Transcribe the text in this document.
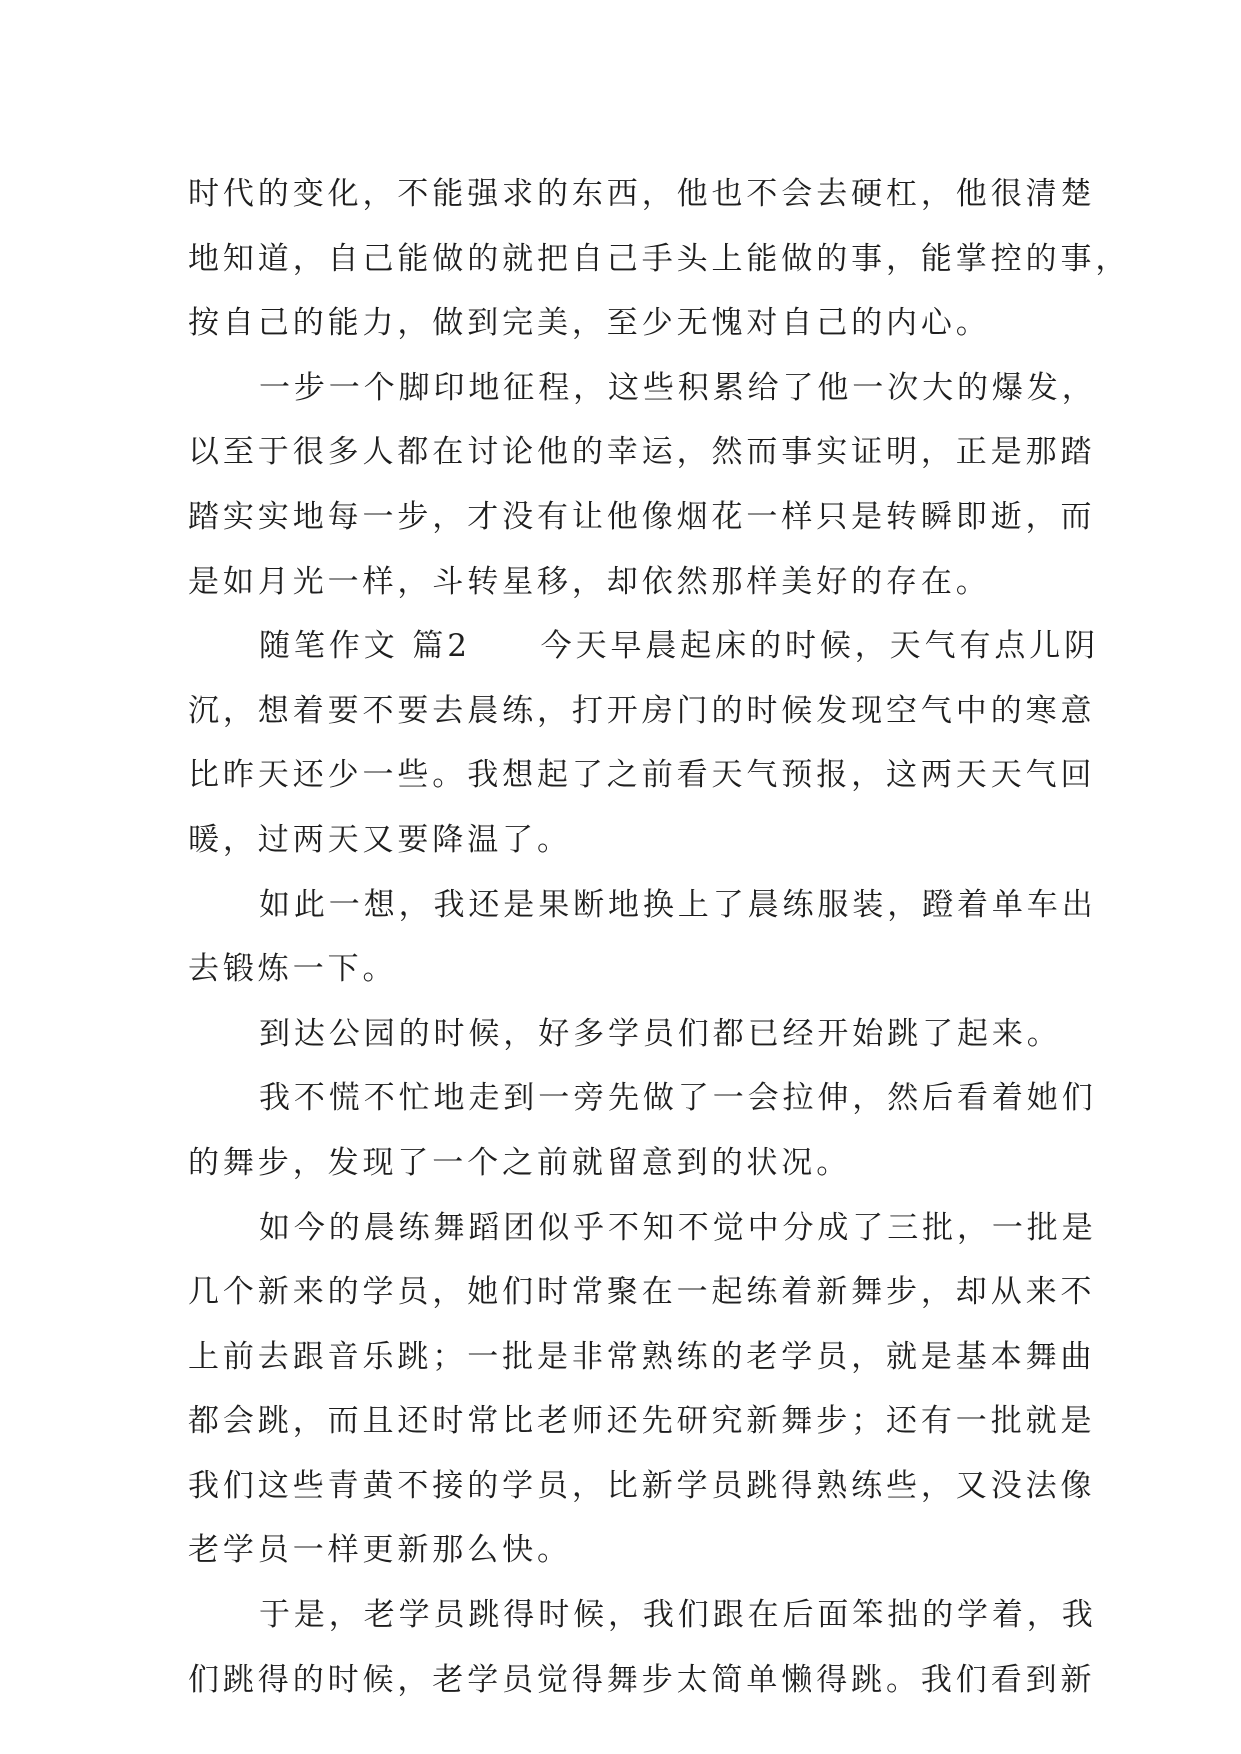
时代的变化，不能强求的东西，他也不会去硬杠，他很清楚
地知道，自己能做的就把自己手头上能做的事，能掌控的事，
按自己的能力，做到完美，至少无愧对自己的内心。
一步一个脚印地征程，这些积累给了他一次大的爆发，
以至于很多人都在讨论他的幸运，然而事实证明，正是那踏
踏实实地每一步，才没有让他像烟花一样只是转瞬即逝，而
是如月光一样，斗转星移，却依然那样美好的存在。
随笔作文 篇2　　今天早晨起床的时候，天气有点儿阴
沉，想着要不要去晨练，打开房门的时候发现空气中的寒意
比昨天还少一些。我想起了之前看天气预报，这两天天气回
暖，过两天又要降温了。
如此一想，我还是果断地换上了晨练服装，蹬着单车出
去锻炼一下。
到达公园的时候，好多学员们都已经开始跳了起来。
我不慌不忙地走到一旁先做了一会拉伸，然后看着她们
的舞步，发现了一个之前就留意到的状况。
如今的晨练舞蹈团似乎不知不觉中分成了三批，一批是
几个新来的学员，她们时常聚在一起练着新舞步，却从来不
上前去跟音乐跳；一批是非常熟练的老学员，就是基本舞曲
都会跳，而且还时常比老师还先研究新舞步；还有一批就是
我们这些青黄不接的学员，比新学员跳得熟练些，又没法像
老学员一样更新那么快。
于是，老学员跳得时候，我们跟在后面笨拙的学着，我
们跳得的时候，老学员觉得舞步太简单懒得跳。我们看到新
